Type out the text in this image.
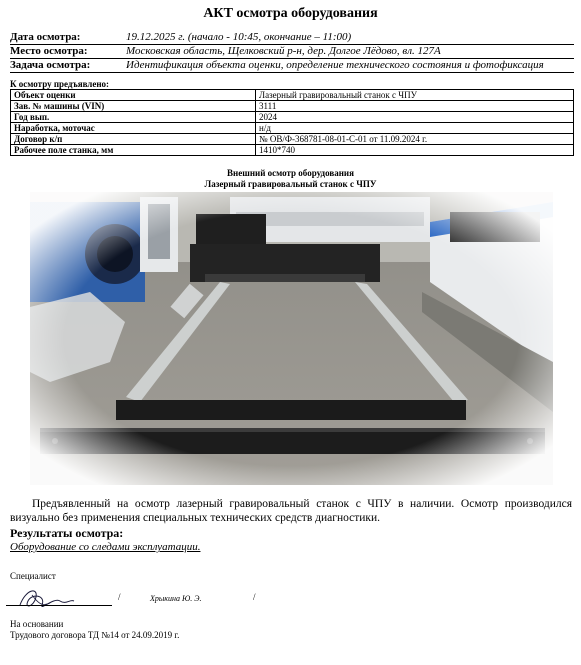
АКТ осмотра оборудования
Дата осмотра:	19.12.2025 г. (начало - 10:45, окончание – 11:00)
Место осмотра:	Московская область, Щелковский р-н, дер. Долгое Лёдово, вл. 127А
Задача осмотра:	Идентификация объекта оценки, определение технического состояния и фотофиксация
К осмотру предъявлено:
Объект оценки	Лазерный гравировальный станок с ЧПУ
Зав. № машины (VIN)	3111
Год вып.	2024
Наработка, моточас	н/д
Договор к/п	№ ОВ/Ф-368781-08-01-С-01 от 11.09.2024 г.
Рабочее поле станка, мм	1410*740
Внешний осмотр оборудования
Лазерный гравировальный станок с ЧПУ
Предъявленный на осмотр лазерный гравировальный станок с ЧПУ в наличии. Осмотр производился визуально без применения специальных технических средств диагностики.
Результаты осмотра:
Оборудование со следами эксплуатации.
Специалист
/	Хрыкина Ю. Э.	/
На основании
Трудового договора ТД №14 от 24.09.2019 г.
